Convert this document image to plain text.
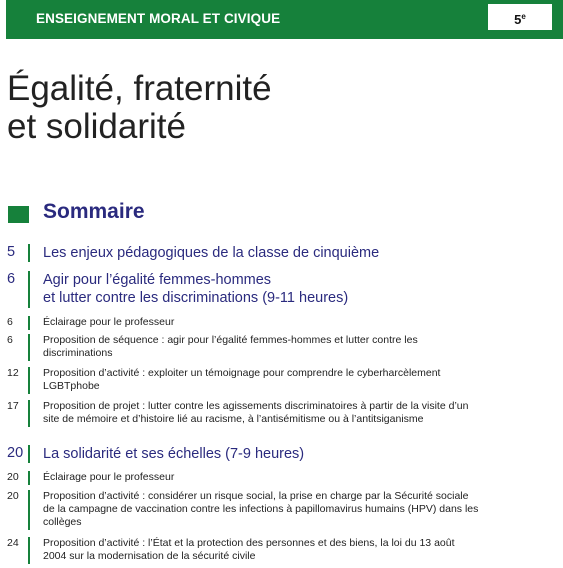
ENSEIGNEMENT MORAL ET CIVIQUE	5e
Égalité, fraternité
et solidarité
Sommaire
5 Les enjeux pédagogiques de la classe de cinquième
6 Agir pour l’égalité femmes-hommes
et lutter contre les discriminations (9-11 heures)
6	Éclairage pour le professeur
6	Proposition de séquence : agir pour l’égalité femmes-hommes et lutter contre les
discriminations
12 Proposition d’activité : exploiter un témoignage pour comprendre le cyberharcèlement
LGBTphobe
17 Proposition de projet : lutter contre les agissements discriminatoires à partir de la visite d’un
site de mémoire et d’histoire lié au racisme, à l’antisémitisme ou à l’antitsiganisme
20 La solidarité et ses échelles (7-9 heures)
20 Éclairage pour le professeur
20 Proposition d’activité : considérer un risque social, la prise en charge par la Sécurité sociale
de la campagne de vaccination contre les infections à papillomavirus humains (HPV) dans les
collèges
24 Proposition d’activité : l’État et la protection des personnes et des biens, la loi du 13 août
2004 sur la modernisation de la sécurité civile
